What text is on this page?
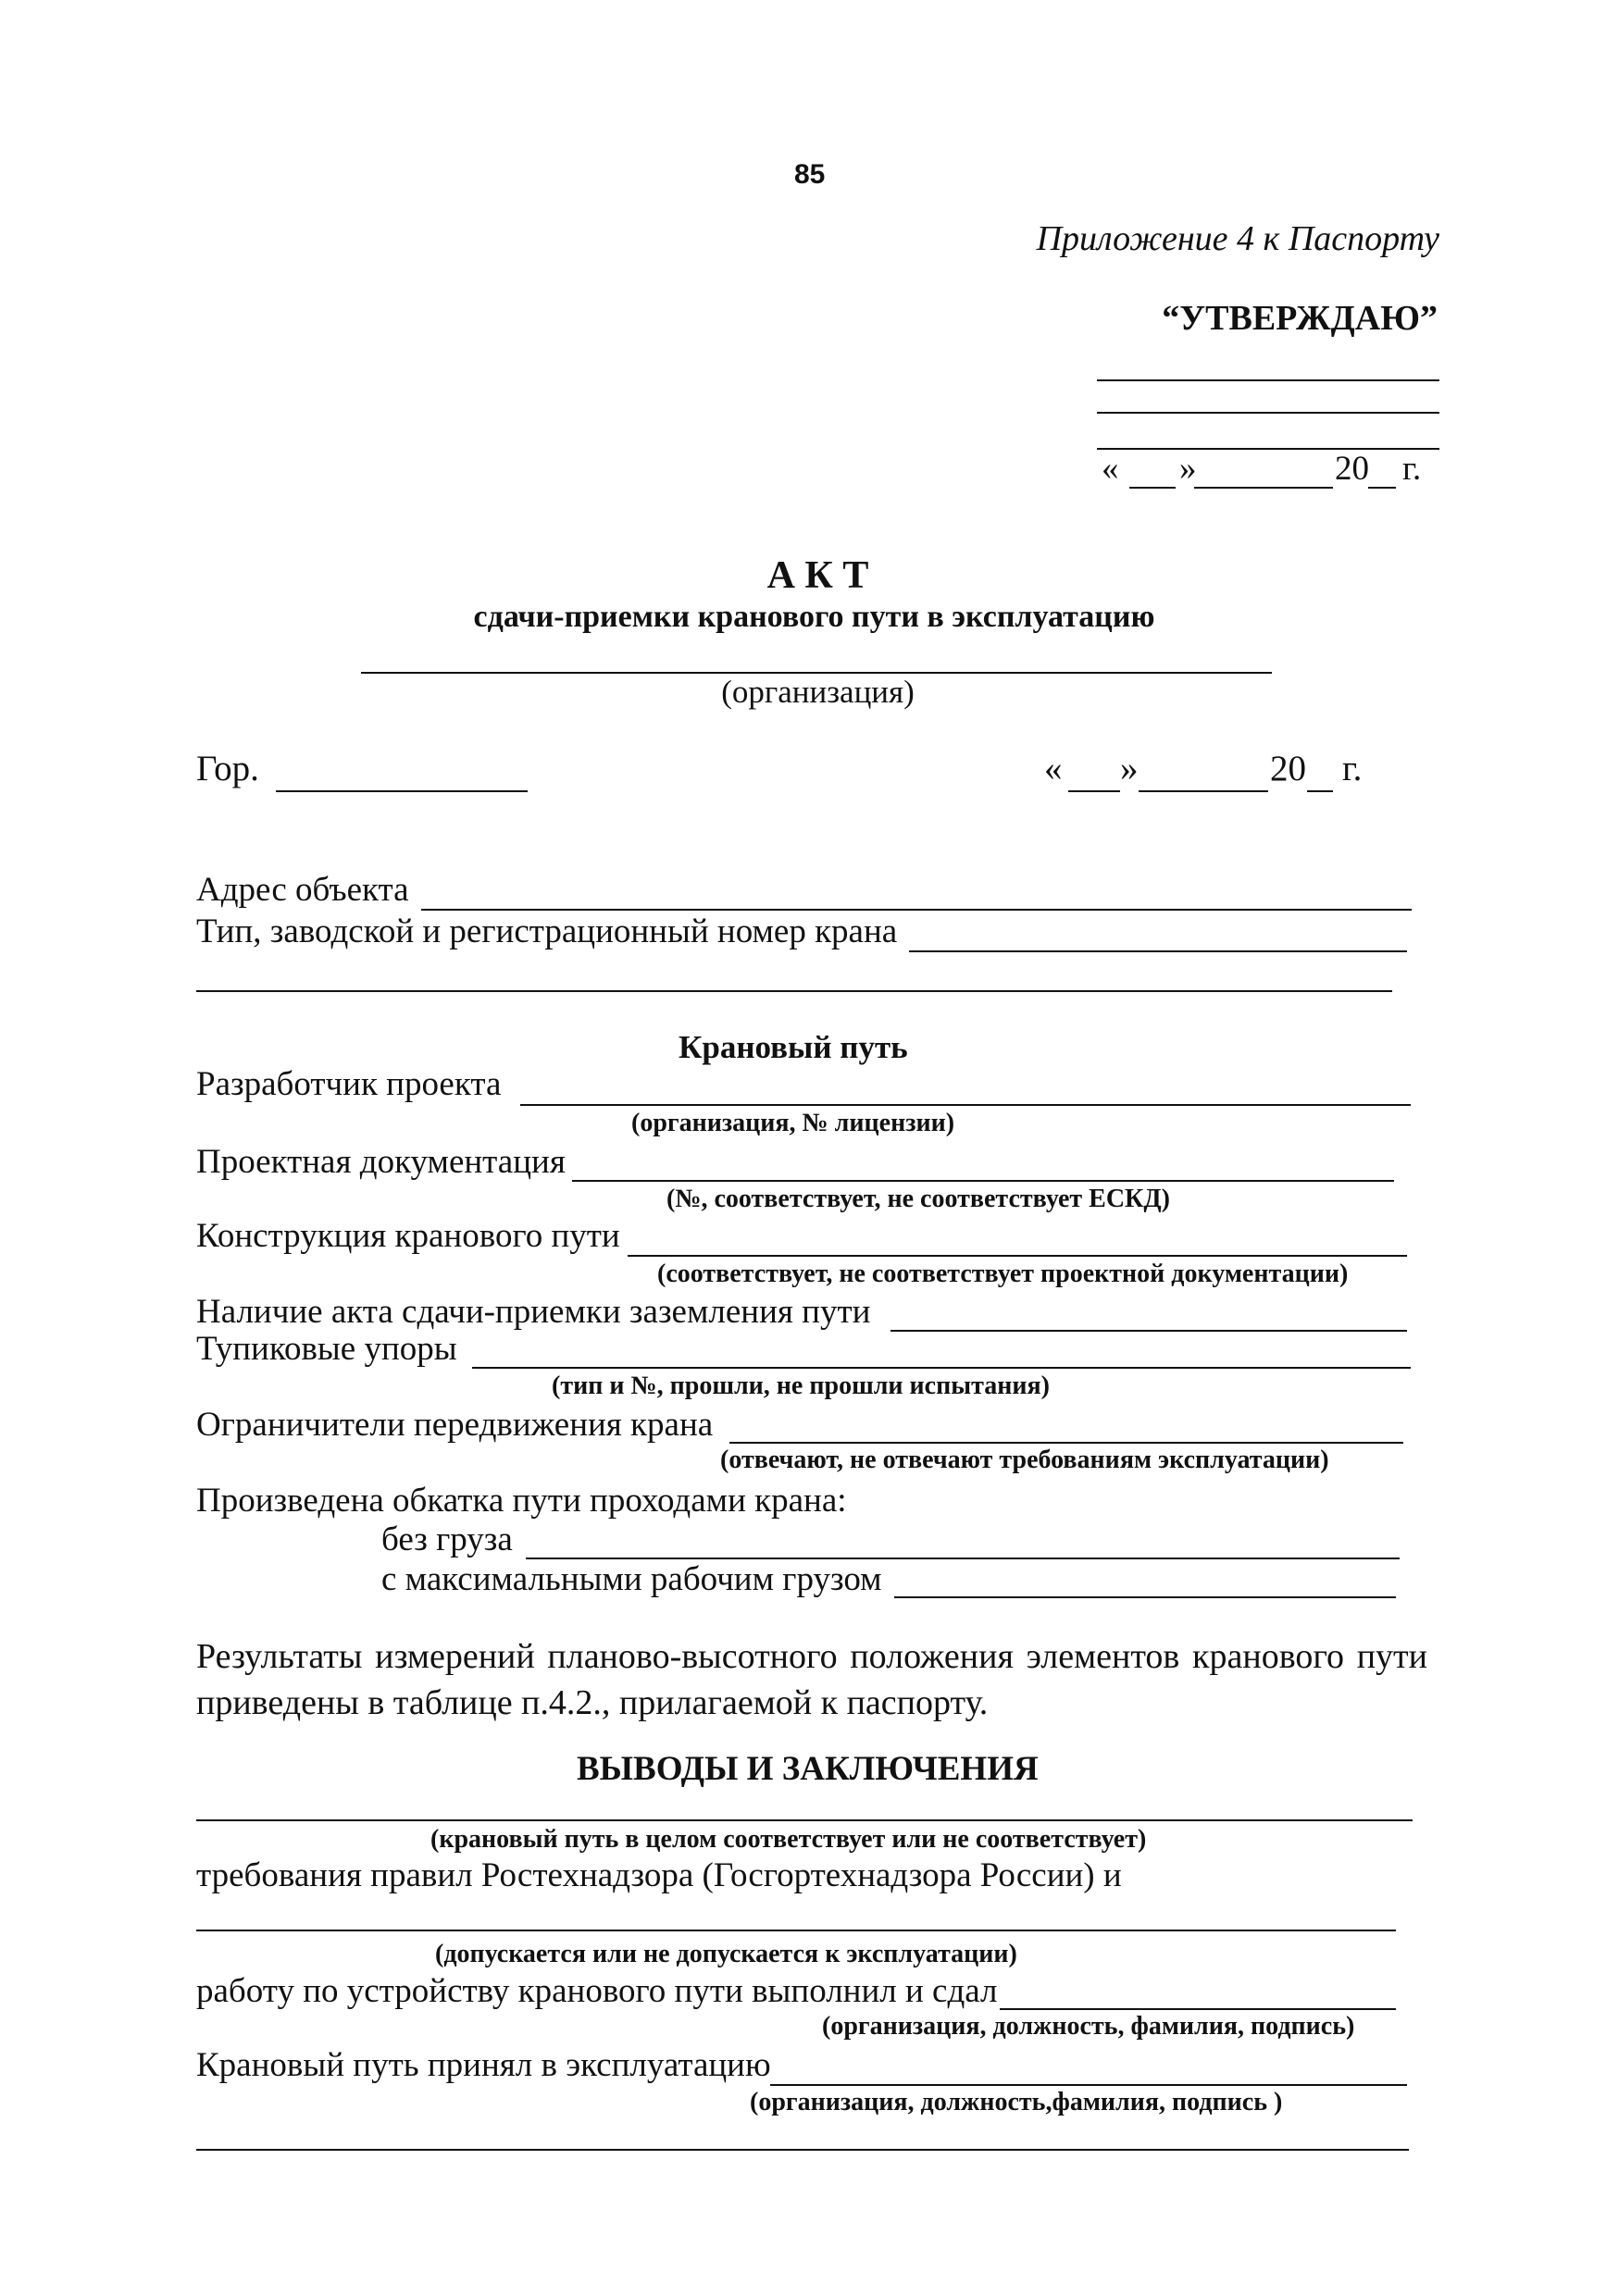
85
Приложение 4 к Паспорту
“УТВЕРЖДАЮ”
« »	20 г.
А К Т
сдачи-приемки кранового пути в эксплуатацию
(организация)
Гор.	« »	20 г.
Адрес объекта
Тип, заводской и регистрационный номер крана
Крановый путь
Разработчик проекта
(организация, № лицензии)
Проектная документация
(№, соответствует, не соответствует ЕСКД)
Конструкция кранового пути
(соответствует, не соответствует проектной документации)
Наличие акта сдачи-приемки заземления пути
Тупиковые упоры
(тип и №, прошли, не прошли испытания)
Ограничители передвижения крана
(отвечают, не отвечают требованиям эксплуатации)
Произведена обкатка пути проходами крана:
без груза
с максимальными рабочим грузом
Результаты измерений планово-высотного положения элементов кранового пути
приведены в таблице п.4.2., прилагаемой к паспорту.
ВЫВОДЫ И ЗАКЛЮЧЕНИЯ
(крановый путь в целом соответствует или не соответствует)
требования правил Ростехнадзора (Госгортехнадзора России) и
(допускается или не допускается к эксплуатации)
работу по устройству кранового пути выполнил и сдал
(организация, должность, фамилия, подпись)
Крановый путь принял в эксплуатацию
(организация, должность,фамилия, подпись )
